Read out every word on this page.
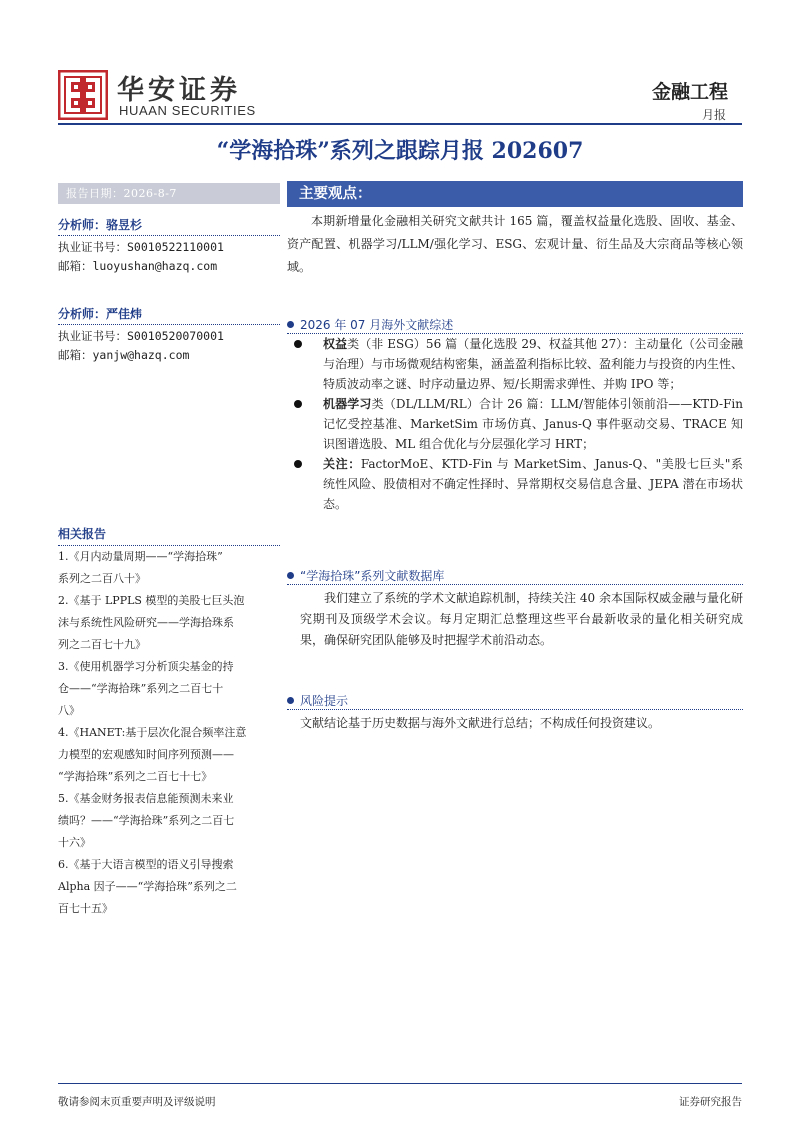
华安证券
HUAAN SECURITIES
金融工程
月报
“学海拾珠”系列之跟踪月报 202607
报告日期：2026-8-7
分析师：骆昱杉
执业证书号：S0010522110001
邮箱：luoyushan@hazq.com
分析师：严佳炜
执业证书号：S0010520070001
邮箱：yanjw@hazq.com
相关报告
1.《月内动量周期——“学海拾珠”
系列之二百八十》
2.《基于 LPPLS 模型的美股七巨头泡
沫与系统性风险研究——学海拾珠系
列之二百七十九》
3.《使用机器学习分析顶尖基金的持
仓——“学海拾珠”系列之二百七十
八》
4.《HANET:基于层次化混合频率注意
力模型的宏观感知时间序列预测——
“学海拾珠”系列之二百七十七》
5.《基金财务报表信息能预测未来业
绩吗？——“学海拾珠”系列之二百七
十六》
6.《基于大语言模型的语义引导搜索
Alpha 因子——“学海拾珠”系列之二
百七十五》
主要观点：

本期新增量化金融相关研究文献共计 165 篇，覆盖权益量化选股、固收、基金、资产配置、机器学习/LLM/强化学习、ESG、宏观计量、衍生品及大宗商品等核心领域。

2026 年 07 月海外文献综述
权益类（非 ESG）56 篇（量化选股 29、权益其他 27）：主动量化（公司金融与治理）与市场微观结构密集，涵盖盈利指标比较、盈利能力与投资的内生性、特质波动率之谜、时序动量边界、短/长期需求弹性、并购 IPO 等；
机器学习类（DL/LLM/RL）合计 26 篇：LLM/智能体引领前沿——KTD-Fin 记忆受控基准、MarketSim 市场仿真、Janus-Q 事件驱动交易、TRACE 知识图谱选股、ML 组合优化与分层强化学习 HRT；
关注：FactorMoE、KTD-Fin 与 MarketSim、Janus-Q、"美股七巨头"系统性风险、股债相对不确定性择时、异常期权交易信息含量、JEPA 潜在市场状态。
“学海拾珠”系列文献数据库

我们建立了系统的学术文献追踪机制，持续关注 40 余本国际权威金融与量化研究期刊及顶级学术会议。每月定期汇总整理这些平台最新收录的量化相关研究成果，确保研究团队能够及时把握学术前沿动态。

风险提示

文献结论基于历史数据与海外文献进行总结；不构成任何投资建议。

敬请参阅末页重要声明及评级说明	证券研究报告
